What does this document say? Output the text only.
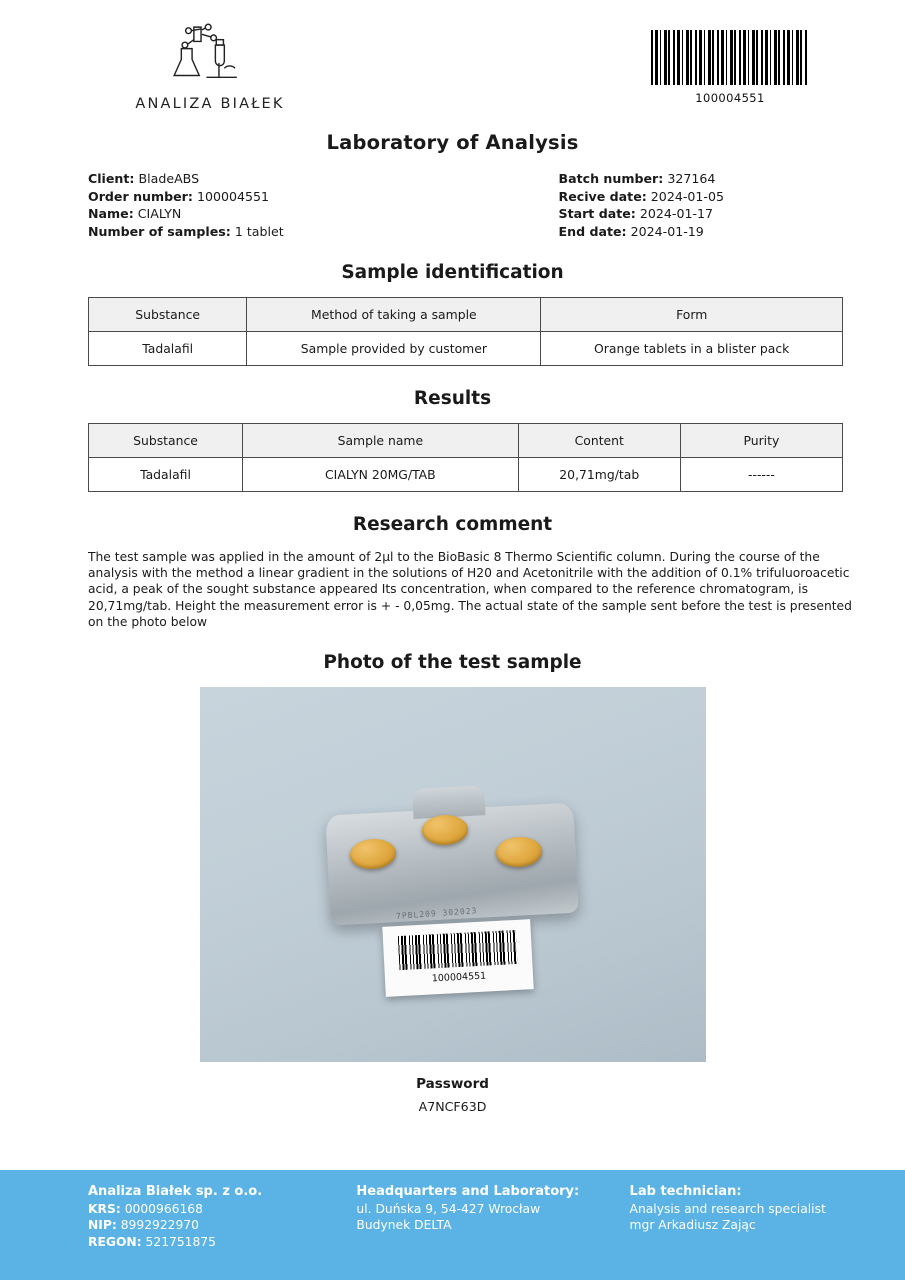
ANALIZA BIAŁEK	100004551
Laboratory of Analysis
Client: BladeABS
Order number: 100004551
Name: CIALYN
Number of samples: 1 tablet
Batch number: 327164
Recive date: 2024-01-05
Start date: 2024-01-17
End date: 2024-01-19
Sample identification
Substance	Method of taking a sample	Form
Tadalafil	Sample provided by customer	Orange tablets in a blister pack
Results
Substance	Sample name	Content	Purity
Tadalafil	CIALYN 20MG/TAB	20,71mg/tab	------
Research comment
The test sample was applied in the amount of 2µl to the BioBasic 8 Thermo Scientific column. During the course of the analysis with the method a linear gradient in the solutions of H20 and Acetonitrile with the addition of 0.1% trifuluoroacetic acid, a peak of the sought substance appeared Its concentration, when compared to the reference chromatogram, is 20,71mg/tab. Height the measurement error is + - 0,05mg. The actual state of the sample sent before the test is presented on the photo below
Photo of the test sample
7PBL209 302023
100004551
Password
A7NCF63D
Analiza Białek sp. z o.o.
KRS: 0000966168
NIP: 8992922970
REGON: 521751875
Headquarters and Laboratory:
ul. Duńska 9, 54-427 Wrocław
Budynek DELTA
Lab technician:
Analysis and research specialist
mgr Arkadiusz Zając
